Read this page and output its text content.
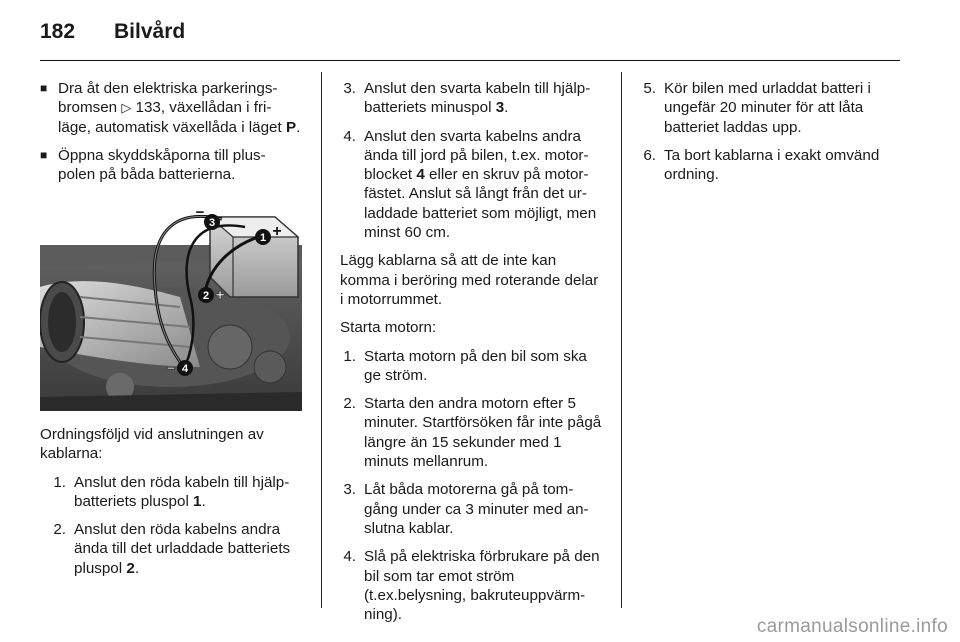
182	Bilvård
■ Dra åt den elektriska parkerings-bromsen ▷ 133, växellådan i fri-läge, automatisk växellåda i läget P.

■ Öppna skyddskåporna till plus-polen på båda batterierna.

3
−
1 +
2 +
4
−

Ordningsföljd vid anslutningen av kablarna:

1. Anslut den röda kabeln till hjälp-batteriets pluspol 1.

2. Anslut den röda kabelns andra ända till det urladdade batteriets pluspol 2.

3. Anslut den svarta kabeln till hjälp-batteriets minuspol 3.

4. Anslut den svarta kabelns andra ända till jord på bilen, t.ex. motor-blocket 4 eller en skruv på motor-fästet. Anslut så långt från det ur-laddade batteriet som möjligt, men minst 60 cm.

Lägg kablarna så att de inte kan komma i beröring med roterande delar i motorrummet.

Starta motorn:

1. Starta motorn på den bil som ska ge ström.

2. Starta den andra motorn efter 5 minuter. Startförsöken får inte pågå längre än 15 sekunder med 1 minuts mellanrum.

3. Låt båda motorerna gå på tom-gång under ca 3 minuter med an-slutna kablar.

4. Slå på elektriska förbrukare på den bil som tar emot ström (t.ex.belysning, bakruteuppvärm-ning).

5. Kör bilen med urladdat batteri i ungefär 20 minuter för att låta batteriet laddas upp.

6. Ta bort kablarna i exakt omvänd ordning.

carmanualsonline.info
